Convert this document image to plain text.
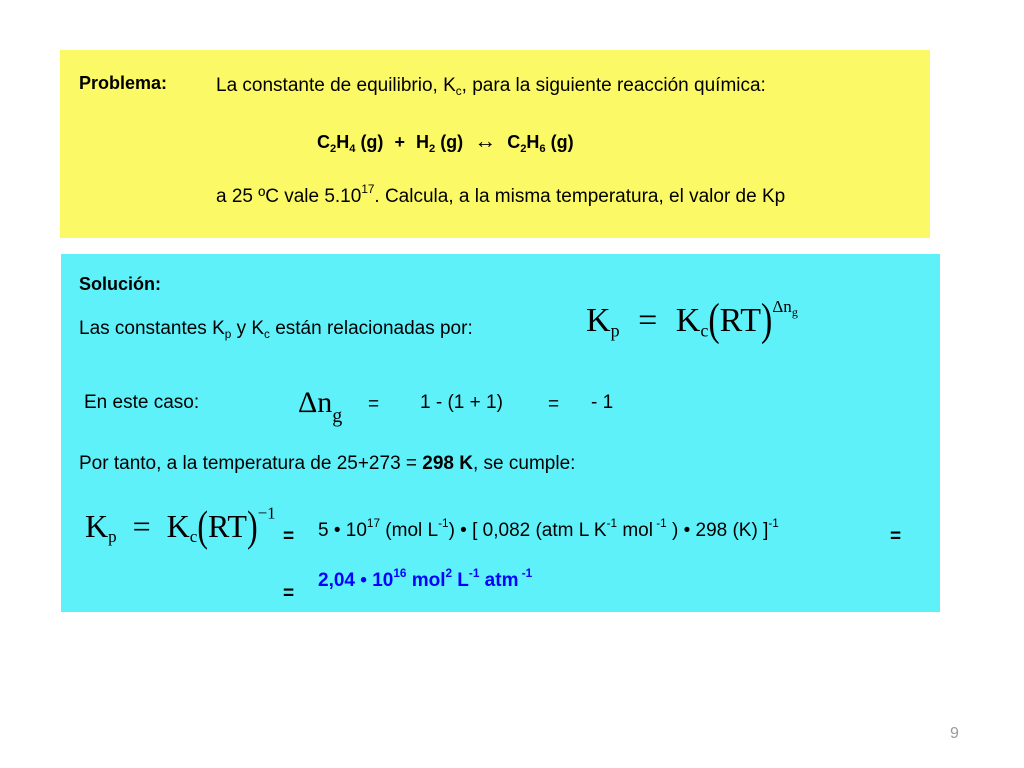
Problema:	La constante de equilibrio, $K_c$, para la siguiente reacción química:
$C_2H_4$ $(g) + H_2$ (g) ↔ $C_2H_6$ (g)
a 25 ºC vale 5.10$^{17}$. Calcula, a la misma temperatura, el valor de Kp
Solución:
Las constantes $K_p$ y $K_c$ están relacionadas por:	$K_p = K_c(RT)^{\Delta n_g}$
En este caso:	$\Delta n_g$
= 1 - (1 + 1) = - 1
Por tanto, a la temperatura de 25+273 = 298 K, se cumple:
$K_p = K_c(RT)^{-1}$
= 5 • $10^{17}$ (mol $L^{-1}$) • [ 0,082 (atm L $K^{-1}$ mol $^{-1}$ ) • 298 (K) ]$^{-1}$
=
=
2,04 • $10^{16}$ mol$^2$ $L^{-1}$ atm $^{-1}$
9
